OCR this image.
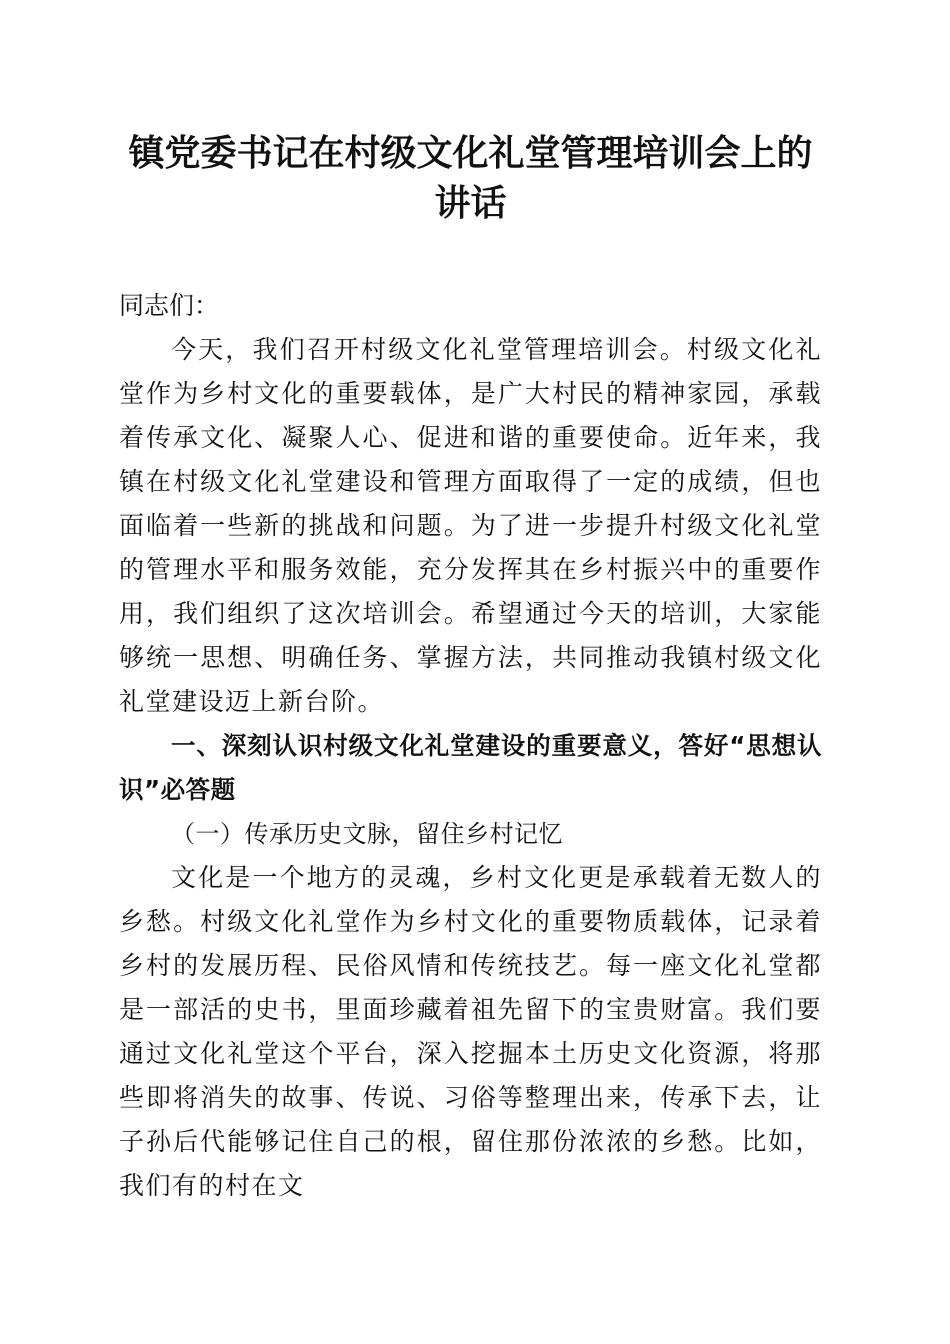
镇党委书记在村级文化礼堂管理培训会上的讲话

同志们：

今天，我们召开村级文化礼堂管理培训会。村级文化礼堂作为乡村文化的重要载体，是广大村民的精神家园，承载着传承文化、凝聚人心、促进和谐的重要使命。近年来，我镇在村级文化礼堂建设和管理方面取得了一定的成绩，但也面临着一些新的挑战和问题。为了进一步提升村级文化礼堂的管理水平和服务效能，充分发挥其在乡村振兴中的重要作用，我们组织了这次培训会。希望通过今天的培训，大家能够统一思想、明确任务、掌握方法，共同推动我镇村级文化礼堂建设迈上新台阶。

一、深刻认识村级文化礼堂建设的重要意义，答好“思想认识”必答题

（一）传承历史文脉，留住乡村记忆

文化是一个地方的灵魂，乡村文化更是承载着无数人的乡愁。村级文化礼堂作为乡村文化的重要物质载体，记录着乡村的发展历程、民俗风情和传统技艺。每一座文化礼堂都是一部活的史书，里面珍藏着祖先留下的宝贵财富。我们要通过文化礼堂这个平台，深入挖掘本土历史文化资源，将那些即将消失的故事、传说、习俗等整理出来，传承下去，让子孙后代能够记住自己的根，留住那份浓浓的乡愁。比如，我们有的村在文
